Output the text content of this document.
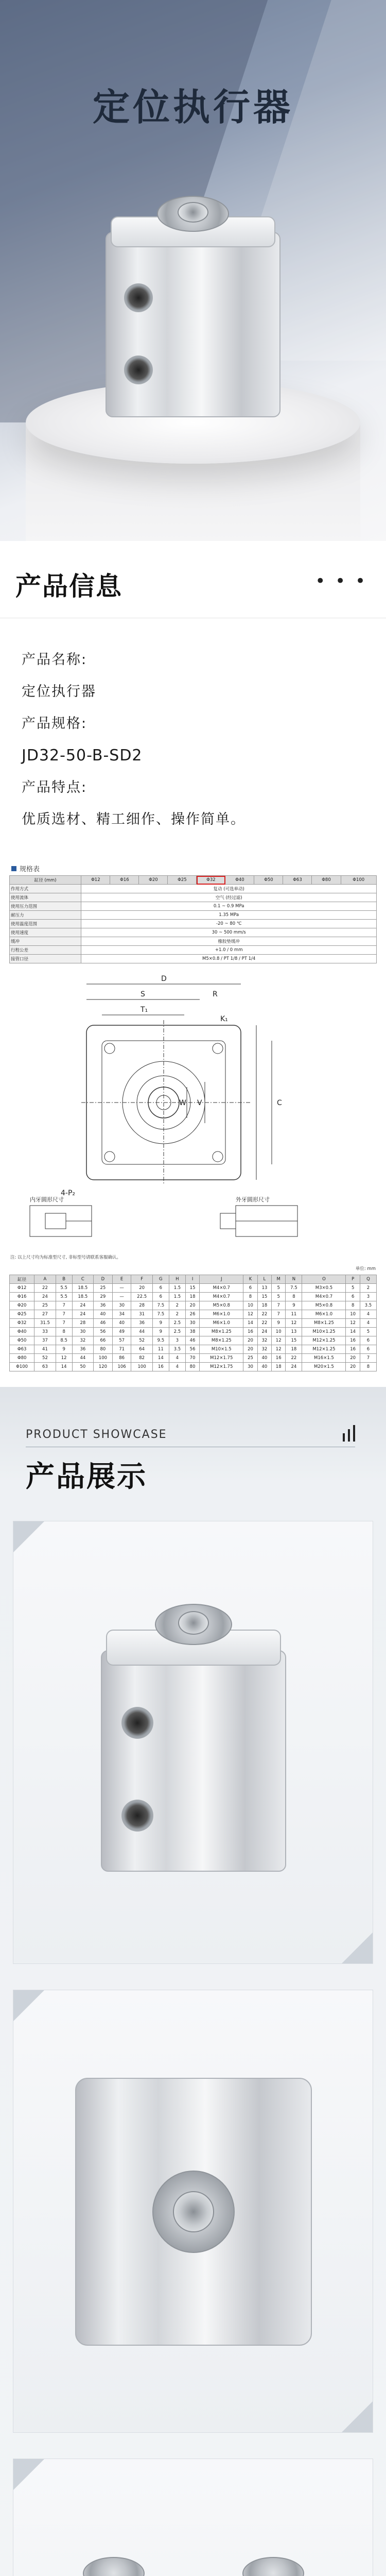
定位执行器
产品信息	• • •
产品名称:
定位执行器
产品规格:
JD32-50-B-SD2
产品特点:
优质选材、精工细作、操作简单。
规格表
缸径 (mm)	Φ12	Φ16	Φ20	Φ25	Φ32	Φ40	Φ50	Φ63	Φ80	Φ100
作用方式	复动 (可选单动)									
使用流体	空气 (经过滤)									
使用压力范围	0.1 ~ 0.9 MPa									
耐压力	1.35 MPa									
使用温度范围	-20 ~ 80 ℃									
使用速度	30 ~ 500 mm/s									
缓冲	橡胶垫缓冲									
行程公差	+1.0 / 0 mm									
接管口径	M5×0.8 / PT 1/8 / PT 1/4									
D
S	R
T₁
K₁
V
W	C
4-P₂
内牙圆形尺寸	外牙圆形尺寸
注: 以上尺寸均为标准型尺寸, 非标型号请联系客服确认。
单位: mm
缸径	A	B	C	D	E	F	G	H	I	J	K	L	M	N	O	P	Q
Φ12	22	5.5	18.5	25	—	20	6	1.5	15	M4×0.7	6	13	5	7.5	M3×0.5	5	2
Φ16	24	5.5	18.5	29	—	22.5	6	1.5	18	M4×0.7	8	15	5	8	M4×0.7	6	3
Φ20	25	7	24	36	30	28	7.5	2	20	M5×0.8	10	18	7	9	M5×0.8	8	3.5
Φ25	27	7	24	40	34	31	7.5	2	26	M6×1.0	12	22	7	11	M6×1.0	10	4
Φ32	31.5	7	28	46	40	36	9	2.5	30	M6×1.0	14	22	9	12	M8×1.25	12	4
Φ40	33	8	30	56	49	44	9	2.5	38	M8×1.25	16	24	10	13	M10×1.25	14	5
Φ50	37	8.5	32	66	57	52	9.5	3	46	M8×1.25	20	32	12	15	M12×1.25	16	6
Φ63	41	9	36	80	71	64	11	3.5	56	M10×1.5	20	32	12	18	M12×1.25	16	6
Φ80	52	12	44	100	86	82	14	4	70	M12×1.75	25	40	16	22	M16×1.5	20	7
Φ100	63	14	50	120	106	100	16	4	80	M12×1.75	30	40	18	24	M20×1.5	20	8
PRODUCT SHOWCASE
产品展示
